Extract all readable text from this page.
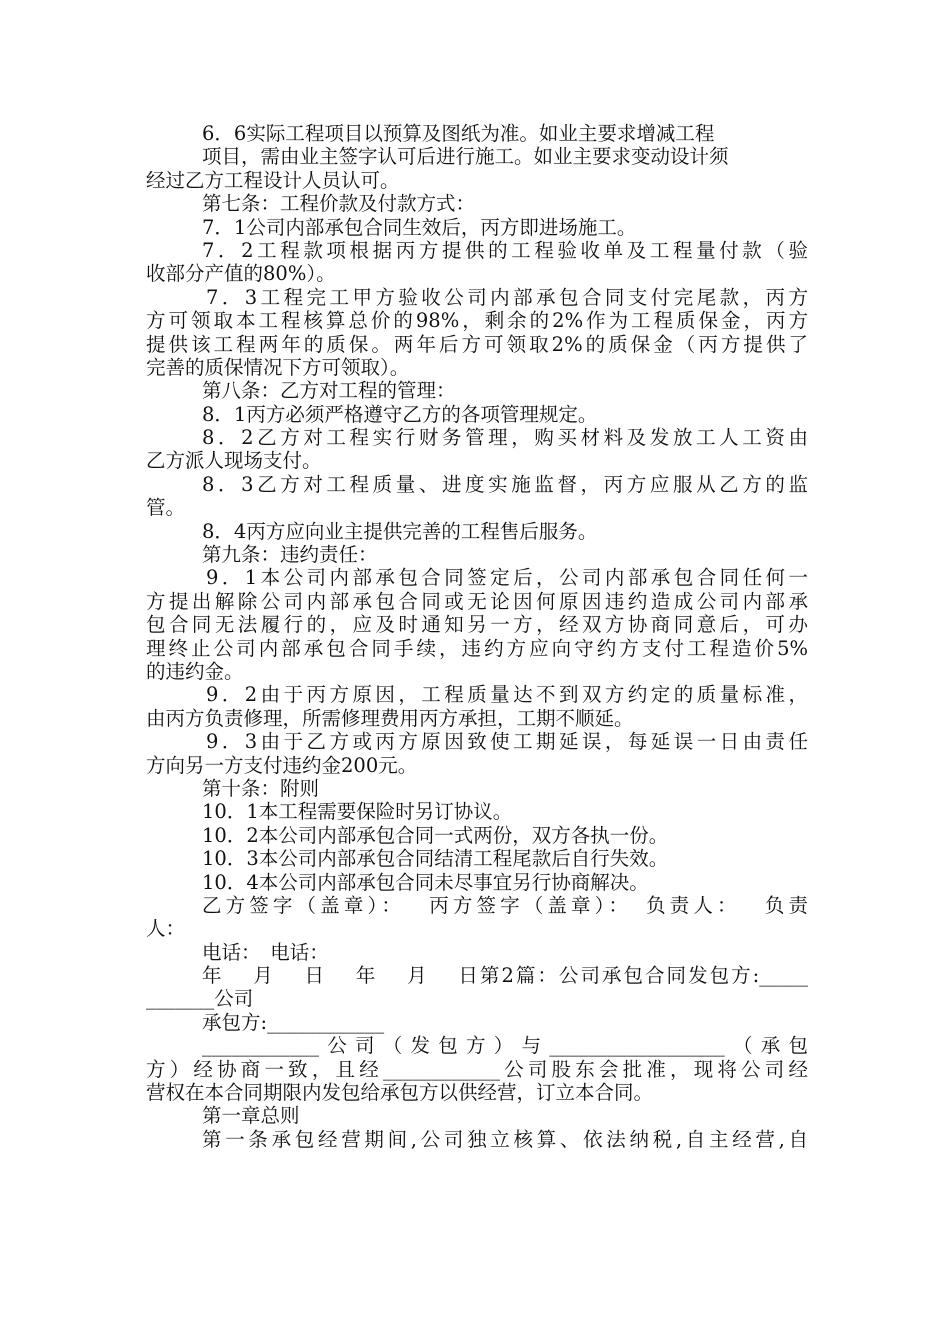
6．6实际工程项目以预算及图纸为准。如业主要求增减工程
项目，需由业主签字认可后进行施工。如业主要求变动设计须
经过乙方工程设计人员认可。
第七条：工程价款及付款方式：
7．1公司内部承包合同生效后，丙方即进场施工。
7．2工程款项根据丙方提供的工程验收单及工程量付款（验
收部分产值的80%）。
7．3工程完工甲方验收公司内部承包合同支付完尾款，丙方
方可领取本工程核算总价的98%，剩余的2%作为工程质保金，丙方
提供该工程两年的质保。两年后方可领取2%的质保金（丙方提供了
完善的质保情况下方可领取）。
第八条：乙方对工程的管理：
8．1丙方必须严格遵守乙方的各项管理规定。
8．2乙方对工程实行财务管理，购买材料及发放工人工资由
乙方派人现场支付。
8．3乙方对工程质量、进度实施监督，丙方应服从乙方的监
管。
8．4丙方应向业主提供完善的工程售后服务。
第九条：违约责任：
9．1本公司内部承包合同签定后，公司内部承包合同任何一
方提出解除公司内部承包合同或无论因何原因违约造成公司内部承
包合同无法履行的，应及时通知另一方，经双方协商同意后，可办
理终止公司内部承包合同手续，违约方应向守约方支付工程造价5%
的违约金。
9．2由于丙方原因，工程质量达不到双方约定的质量标准，
由丙方负责修理，所需修理费用丙方承担，工期不顺延。
9．3由于乙方或丙方原因致使工期延误，每延误一日由责任
方向另一方支付违约金200元。
第十条：附则
10．1本工程需要保险时另订协议。
10．2本公司内部承包合同一式两份，双方各执一份。
10．3本公司内部承包合同结清工程尾款后自行失效。
10．4本公司内部承包合同未尽事宜另行协商解决。
乙方签字（盖章）：　 丙方签字（盖章）：　负责人：　 负责
人：
电话：　电话：
年　 月　 日　 年　 月　 日第2篇：公司承包合同发包方:_____
_______公司
承包方:____________
____________公司（发包方）与__________________（承包
方）经协商一致，且经____________公司股东会批准，现将公司经
营权在本合同期限内发包给承包方以供经营，订立本合同。
第一章总则
第一条承包经营期间,公司独立核算、依法纳税,自主经营,自
